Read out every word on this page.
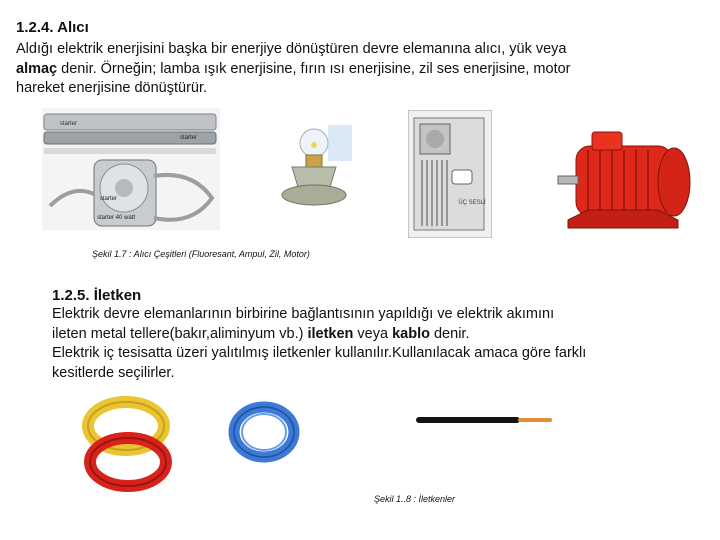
1.2.4. Alıcı
Aldığı elektrik enerjisini başka bir enerjiye dönüştüren devre elemanına alıcı, yük veya
almaç denir. Örneğin; lamba ışık enerjisine, fırın ısı enerjisine, zil ses enerjisine, motor
hareket enerjisine dönüştürür.
starter
starter
starter
starter 40 watt
ÜÇ SESLİ
Şekil 1.7 : Alıcı Çeşitleri (Fluoresant, Ampul, Zil, Motor)
1.2.5. İletken
Elektrik devre elemanlarının birbirine bağlantısının yapıldığı ve elektrik akımını
ileten metal tellere(bakır,aliminyum vb.) iletken veya kablo denir.
Elektrik iç tesisatta üzeri yalıtılmış iletkenler kullanılır.Kullanılacak amaca göre farklı
kesitlerde seçilirler.
Şekil 1..8 : İletkenler
